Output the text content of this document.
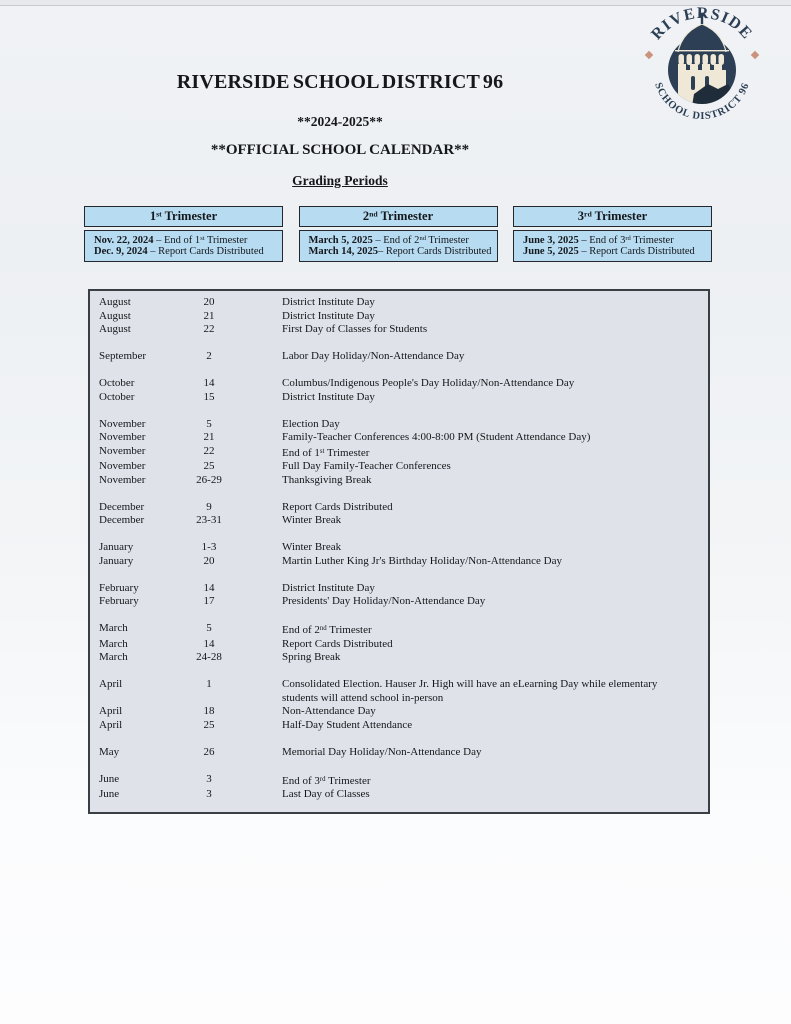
RIVERSIDE SCHOOL DISTRICT 96
**2024-2025**
**OFFICIAL SCHOOL CALENDAR**
Grading Periods
RIVERSIDE
SCHOOL DISTRICT 96
1st Trimester
Nov. 22, 2024 – End of 1st Trimester
Dec. 9, 2024 – Report Cards Distributed
2nd Trimester
March 5, 2025 – End of 2nd Trimester
March 14, 2025– Report Cards Distributed
3rd Trimester
June 3, 2025 – End of 3rd Trimester
June 5, 2025 – Report Cards Distributed
August	20	District Institute Day
August	21	District Institute Day
August	22	First Day of Classes for Students
September	2	Labor Day Holiday/Non-Attendance Day
October	14	Columbus/Indigenous People's Day Holiday/Non-Attendance Day
October	15	District Institute Day
November	5	Election Day
November	21	Family-Teacher Conferences 4:00-8:00 PM (Student Attendance Day)
November	22	End of 1st Trimester
November	25	Full Day Family-Teacher Conferences
November	26-29	Thanksgiving Break
December	9	Report Cards Distributed
December	23-31	Winter Break
January	1-3	Winter Break
January	20	Martin Luther King Jr's Birthday Holiday/Non-Attendance Day
February	14	District Institute Day
February	17	Presidents' Day Holiday/Non-Attendance Day
March	5	End of 2nd Trimester
March	14	Report Cards Distributed
March	24-28	Spring Break
April	1	Consolidated Election. Hauser Jr. High will have an eLearning Day while elementary students will attend school in-person
April	18	Non-Attendance Day
April	25	Half-Day Student Attendance
May	26	Memorial Day Holiday/Non-Attendance Day
June	3	End of 3rd Trimester
June	3	Last Day of Classes
